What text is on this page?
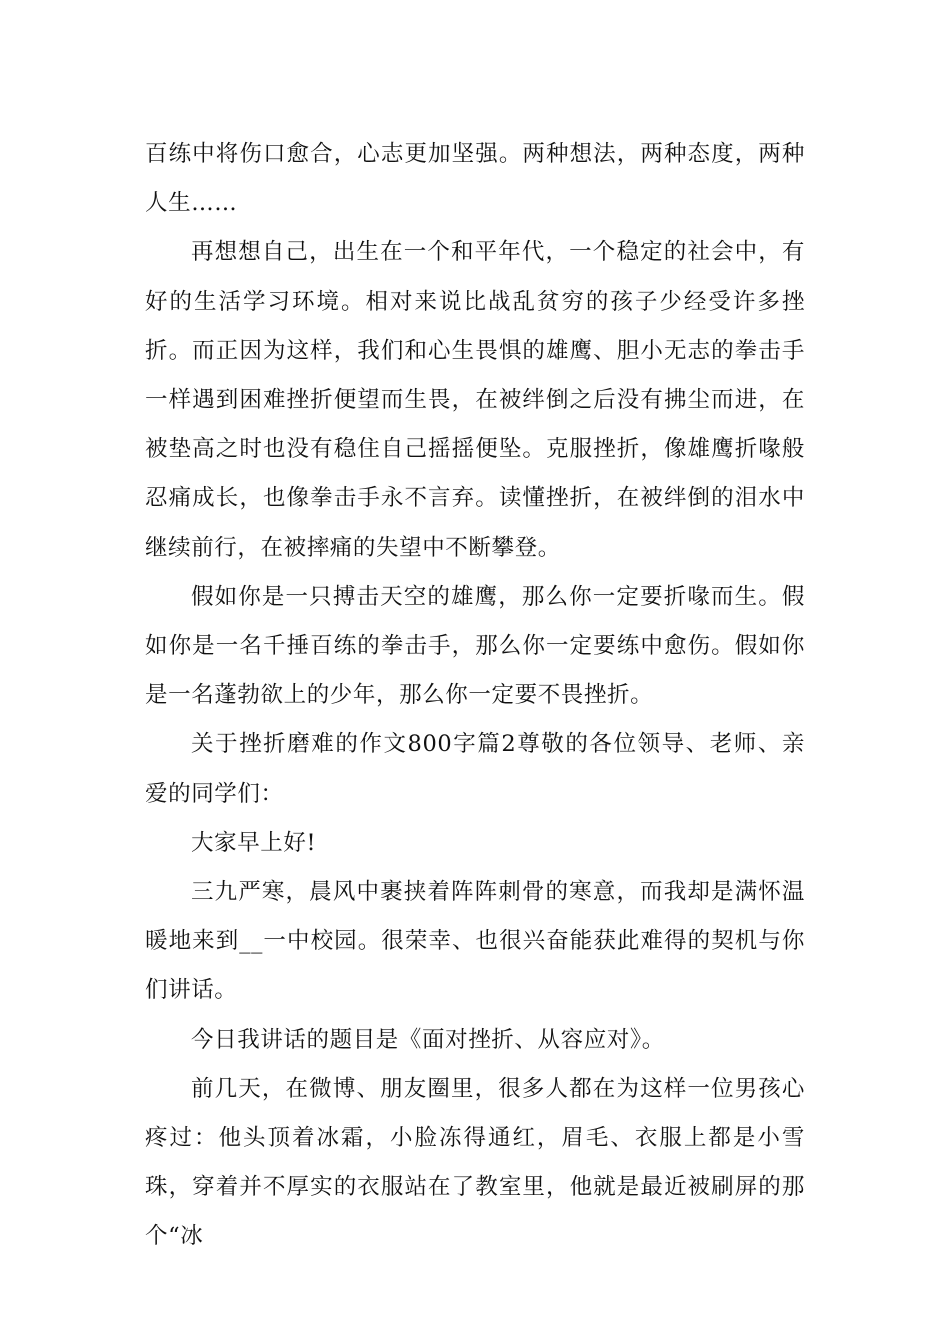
百练中将伤口愈合，心志更加坚强。两种想法，两种态度，两种人生……

再想想自己，出生在一个和平年代，一个稳定的社会中，有好的生活学习环境。相对来说比战乱贫穷的孩子少经受许多挫折。而正因为这样，我们和心生畏惧的雄鹰、胆小无志的拳击手一样遇到困难挫折便望而生畏，在被绊倒之后没有拂尘而进，在被垫高之时也没有稳住自己摇摇便坠。克服挫折，像雄鹰折喙般忍痛成长，也像拳击手永不言弃。读懂挫折，在被绊倒的泪水中继续前行，在被摔痛的失望中不断攀登。

假如你是一只搏击天空的雄鹰，那么你一定要折喙而生。假如你是一名千捶百练的拳击手，那么你一定要练中愈伤。假如你是一名蓬勃欲上的少年，那么你一定要不畏挫折。

关于挫折磨难的作文800字篇2尊敬的各位领导、老师、亲爱的同学们：

大家早上好!

三九严寒，晨风中裹挟着阵阵刺骨的寒意，而我却是满怀温暖地来到__一中校园。很荣幸、也很兴奋能获此难得的契机与你们讲话。

今日我讲话的题目是《面对挫折、从容应对》。

前几天，在微博、朋友圈里，很多人都在为这样一位男孩心疼过：他头顶着冰霜，小脸冻得通红，眉毛、衣服上都是小雪珠，穿着并不厚实的衣服站在了教室里，他就是最近被刷屏的那个“冰
